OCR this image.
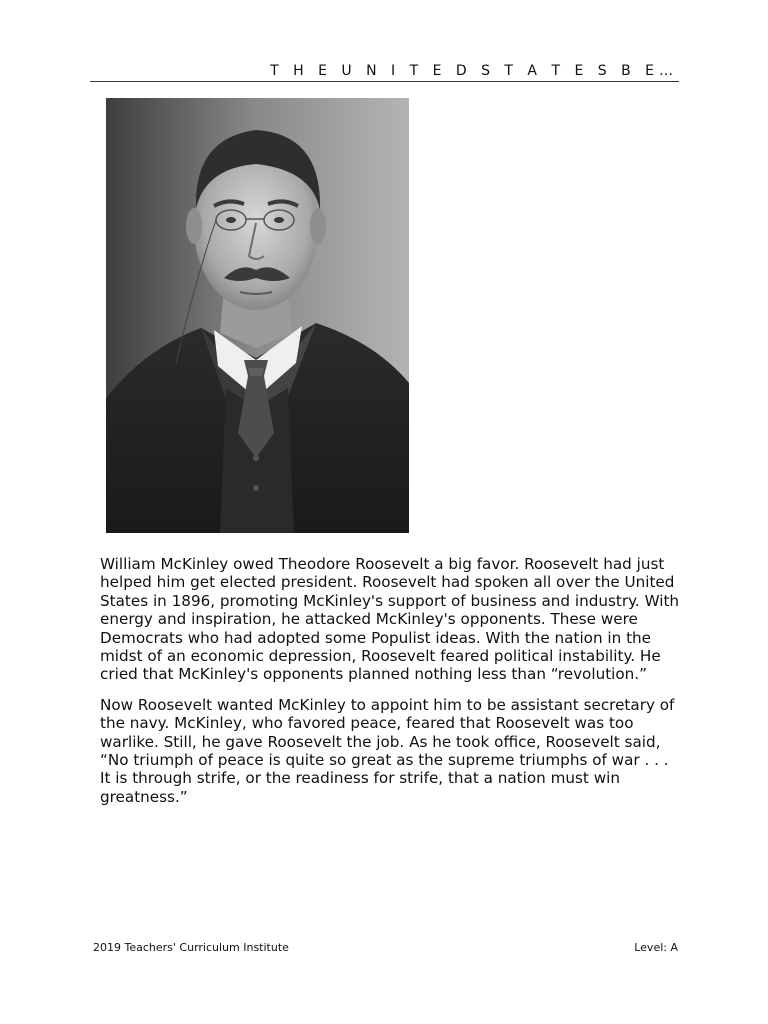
T H E U N I T E D S T A T E S B E…

William McKinley owed Theodore Roosevelt a big favor. Roosevelt had just helped him get elected president. Roosevelt had spoken all over the United States in 1896, promoting McKinley's support of business and industry. With energy and inspiration, he attacked McKinley's opponents. These were Democrats who had adopted some Populist ideas. With the nation in the midst of an economic depression, Roosevelt feared political instability. He cried that McKinley's opponents planned nothing less than “revolution.”

Now Roosevelt wanted McKinley to appoint him to be assistant secretary of the navy. McKinley, who favored peace, feared that Roosevelt was too warlike. Still, he gave Roosevelt the job. As he took office, Roosevelt said, “No triumph of peace is quite so great as the supreme triumphs of war . . . It is through strife, or the readiness for strife, that a nation must win greatness.”

2019 Teachers' Curriculum Institute	Level: A
